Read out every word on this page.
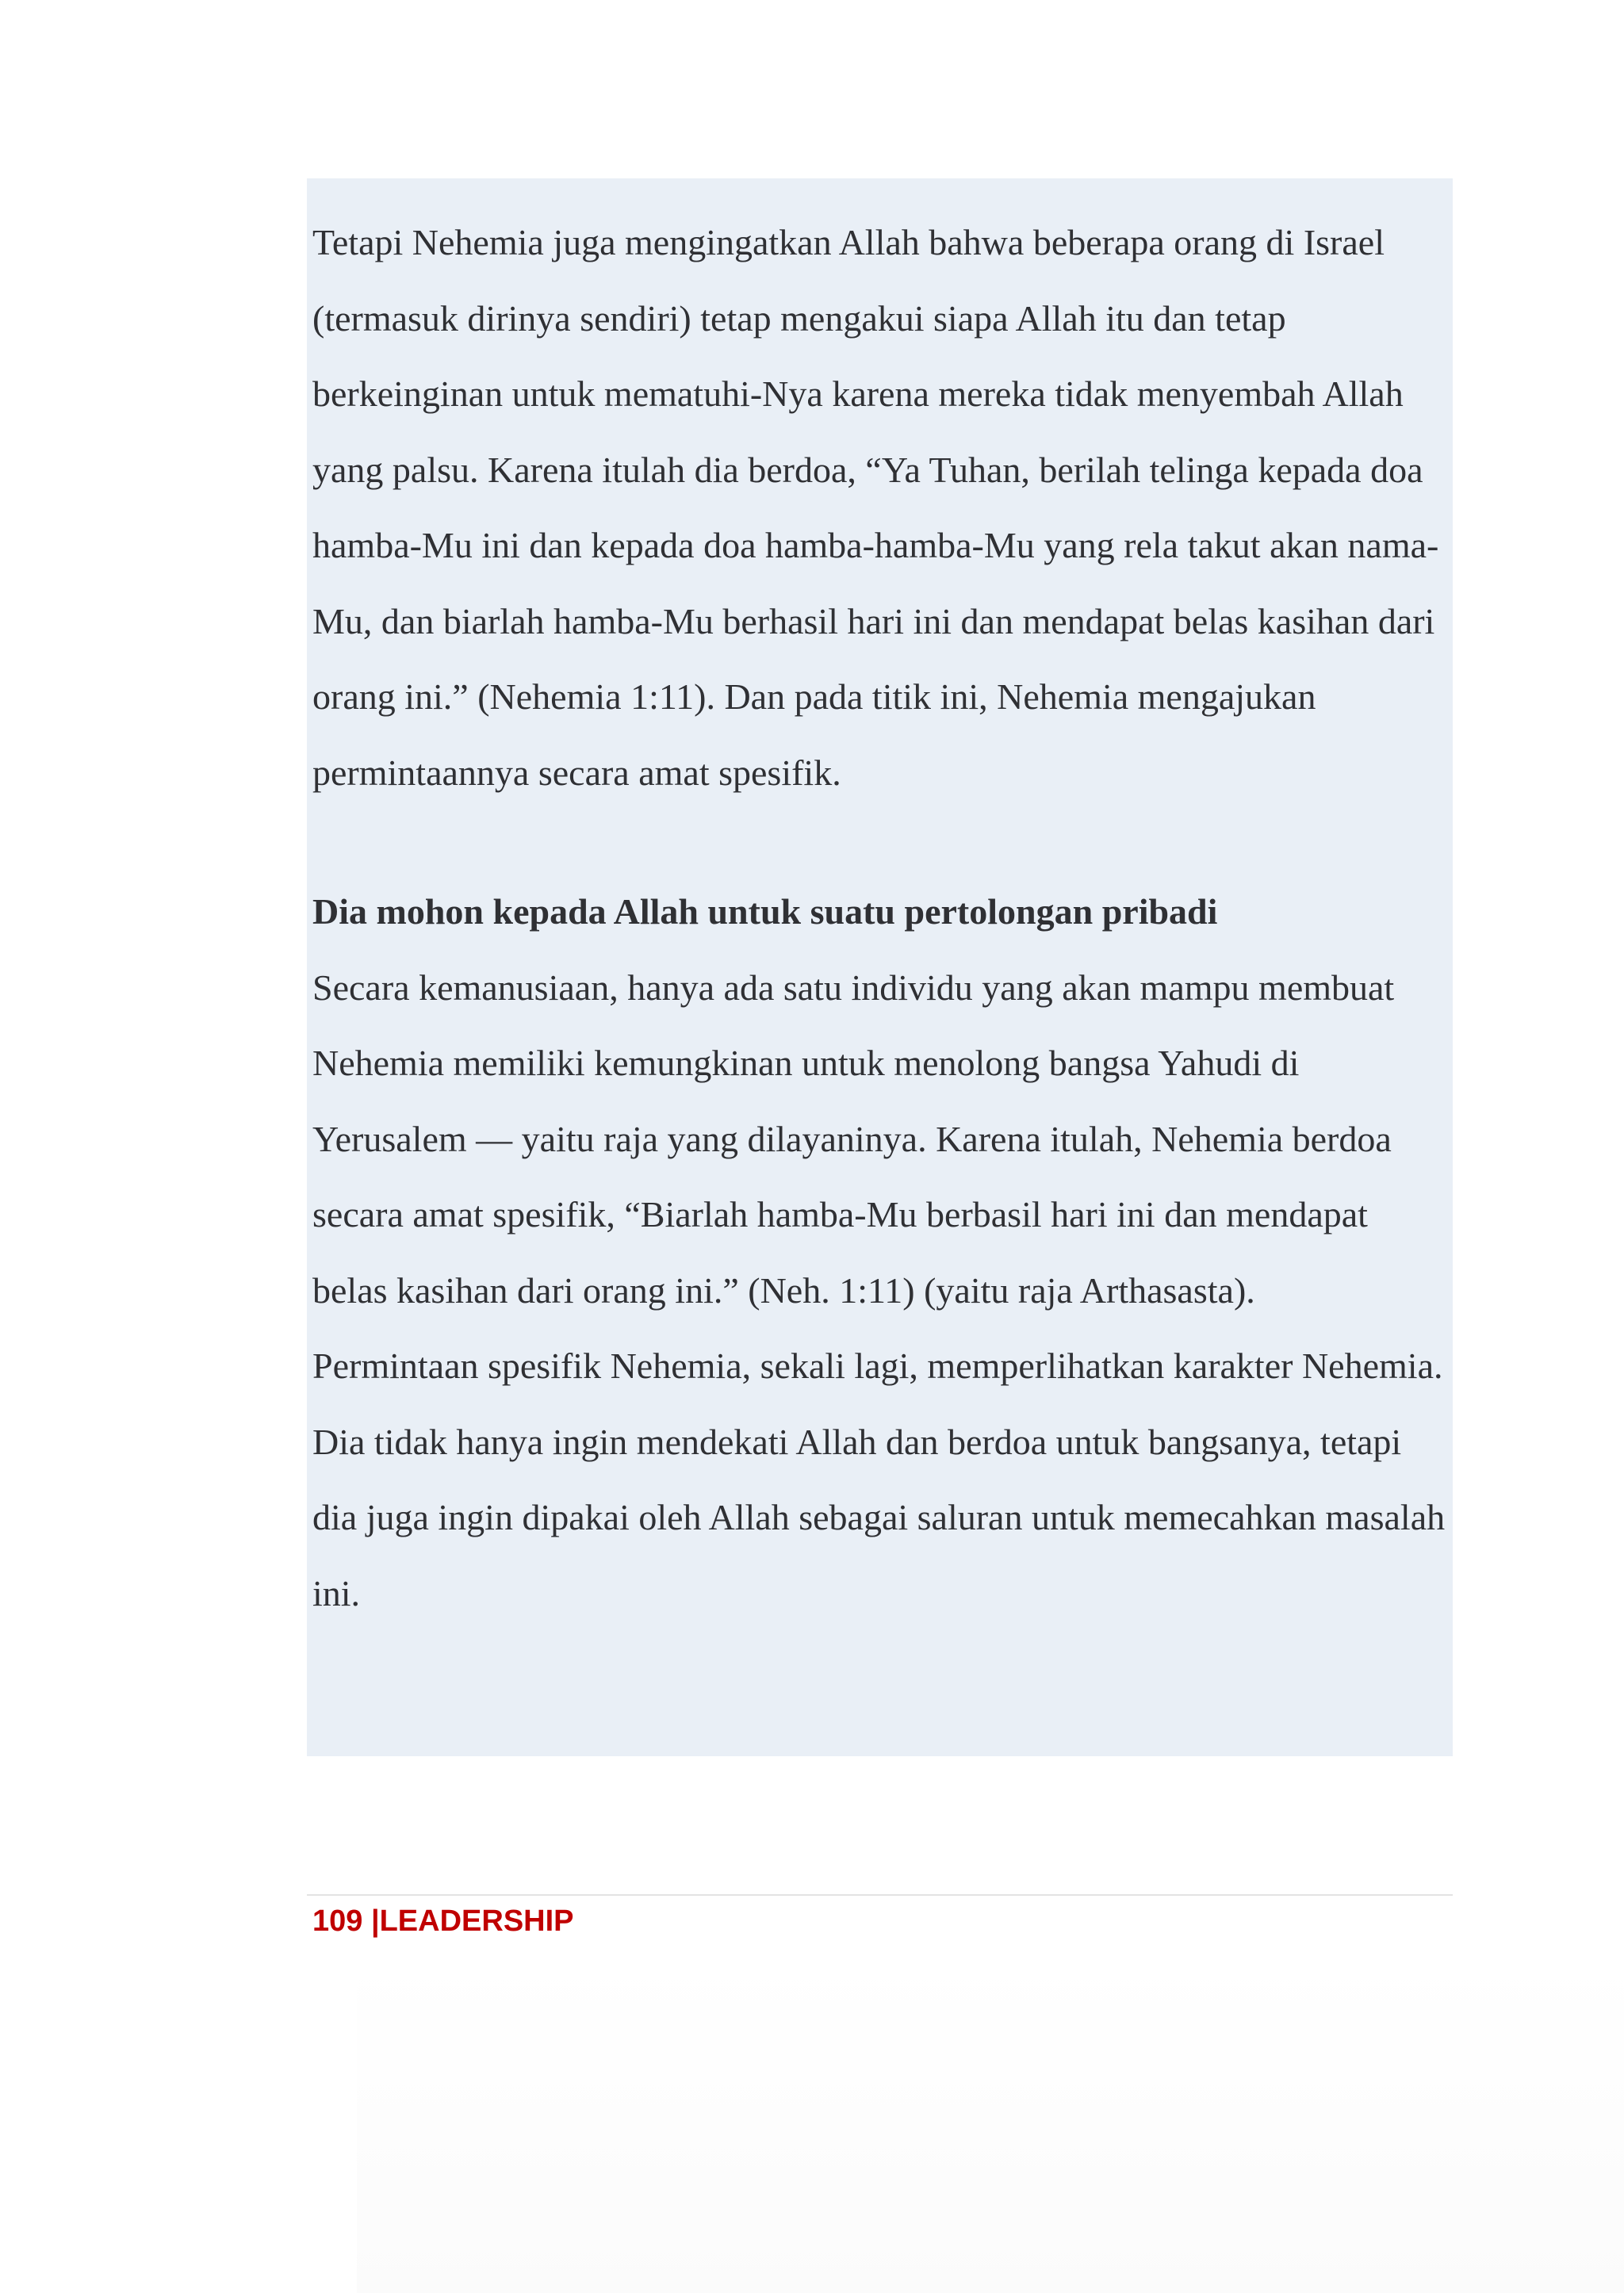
Tetapi Nehemia juga mengingatkan Allah bahwa beberapa orang di Israel (termasuk dirinya sendiri) tetap mengakui siapa Allah itu dan tetap berkeinginan untuk mematuhi-Nya karena mereka tidak menyembah Allah yang palsu. Karena itulah dia berdoa, “Ya Tuhan, berilah telinga kepada doa hamba-Mu ini dan kepada doa hamba-hamba-Mu yang rela takut akan nama-Mu, dan biarlah hamba-Mu berhasil hari ini dan mendapat belas kasihan dari orang ini.” (Nehemia 1:11). Dan pada titik ini, Nehemia mengajukan permintaannya secara amat spesifik.

Dia mohon kepada Allah untuk suatu pertolongan pribadi

Secara kemanusiaan, hanya ada satu individu yang akan mampu membuat Nehemia memiliki kemungkinan untuk menolong bangsa Yahudi di Yerusalem — yaitu raja yang dilayaninya. Karena itulah, Nehemia berdoa secara amat spesifik, “Biarlah hamba-Mu berbasil hari ini dan mendapat belas kasihan dari orang ini.” (Neh. 1:11) (yaitu raja Arthasasta).

Permintaan spesifik Nehemia, sekali lagi, memperlihatkan karakter Nehemia. Dia tidak hanya ingin mendekati Allah dan berdoa untuk bangsanya, tetapi dia juga ingin dipakai oleh Allah sebagai saluran untuk memecahkan masalah ini.

109 |LEADERSHIP
